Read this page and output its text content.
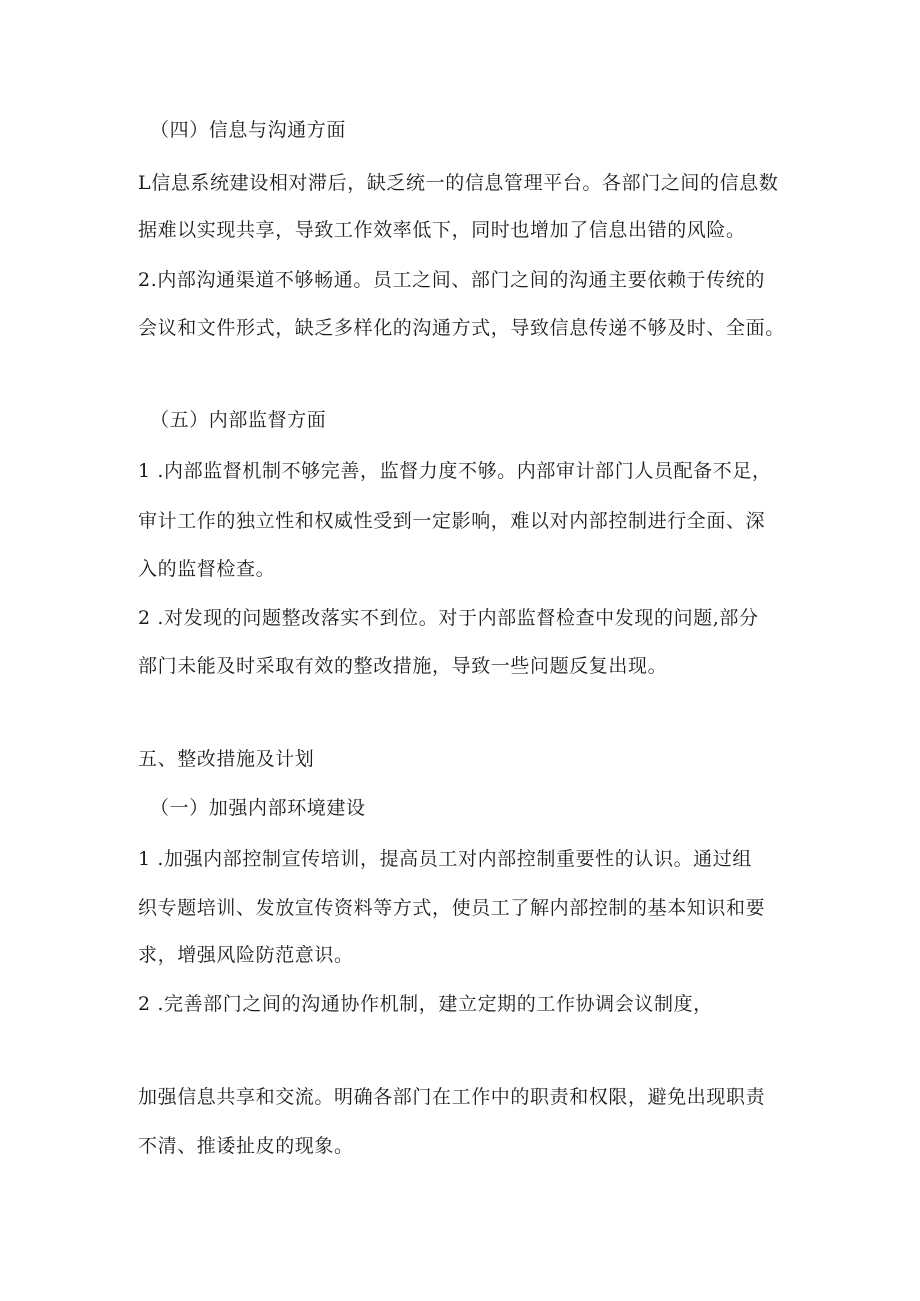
（四）信息与沟通方面
L信息系统建设相对滞后，缺乏统一的信息管理平台。各部门之间的信息数
据难以实现共享，导致工作效率低下，同时也增加了信息出错的风险。
2.内部沟通渠道不够畅通。员工之间、部门之间的沟通主要依赖于传统的
会议和文件形式，缺乏多样化的沟通方式，导致信息传递不够及时、全面。
（五）内部监督方面
1 .内部监督机制不够完善，监督力度不够。内部审计部门人员配备不足，
审计工作的独立性和权威性受到一定影响，难以对内部控制进行全面、深
入的监督检查。
2 .对发现的问题整改落实不到位。对于内部监督检查中发现的问题,部分
部门未能及时采取有效的整改措施，导致一些问题反复出现。
五、整改措施及计划
（一）加强内部环境建设
1 .加强内部控制宣传培训，提高员工对内部控制重要性的认识。通过组
织专题培训、发放宣传资料等方式，使员工了解内部控制的基本知识和要
求，增强风险防范意识。
2 .完善部门之间的沟通协作机制，建立定期的工作协调会议制度，
加强信息共享和交流。明确各部门在工作中的职责和权限，避免出现职责
不清、推诿扯皮的现象。
